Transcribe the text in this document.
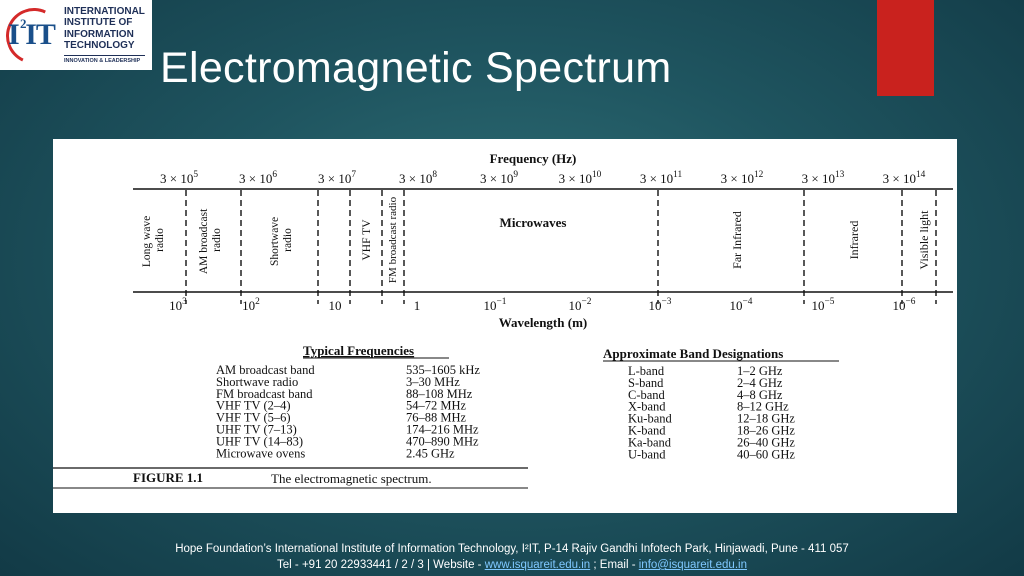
I IT
2
INTERNATIONAL
INSTITUTE OF
INFORMATION
TECHNOLOGY
INNOVATION & LEADERSHIP Electromagnetic Spectrum
Frequency (Hz)
$3 \times 10^5$	$3 \times 10^6$	$3 \times 10^7$	$3 \times 10^8$	$3 \times 10^9$	$3 \times 10^{10}$	$3 \times 10^{11}$	$3 \times 10^{12}$	$3 \times 10^{13}$	$3 \times 10^{14}$
Long wave radio	AM broadcast radio	Shortwave radio	VHF TV FM broadcast radio	Microwaves	Far Infrared	Infrared	Visible light
$10^3$	$10^2$	10	1	$10^{-1}$	$10^{-2}$	$10^{-3}$	$10^{-4}$	$10^{-5}$	$10^{-6}$
Wavelength (m)
Typical Frequencies
AM broadcast band	535–1605 kHz
Shortwave radio	3–30 MHz
FM broadcast band	88–108 MHz
VHF TV (2–4)	54–72 MHz
VHF TV (5–6)	76–88 MHz
UHF TV (7–13)	174–216 MHz
UHF TV (14–83)	470–890 MHz
Microwave ovens	2.45 GHz
Approximate Band Designations
L-band	1–2 GHz
S-band	2–4 GHz
C-band	4–8 GHz
X-band	8–12 GHz
Ku-band	12–18 GHz
K-band	18–26 GHz
Ka-band	26–40 GHz
U-band	40–60 GHz
FIGURE 1.1	The electromagnetic spectrum.
Hope Foundation’s International Institute of Information Technology, I²IT, P-14 Rajiv Gandhi Infotech Park, Hinjawadi, Pune - 411 057
Tel - +91 20 22933441 / 2 / 3 | Website - www.isquareit.edu.in ; Email - info@isquareit.edu.in
